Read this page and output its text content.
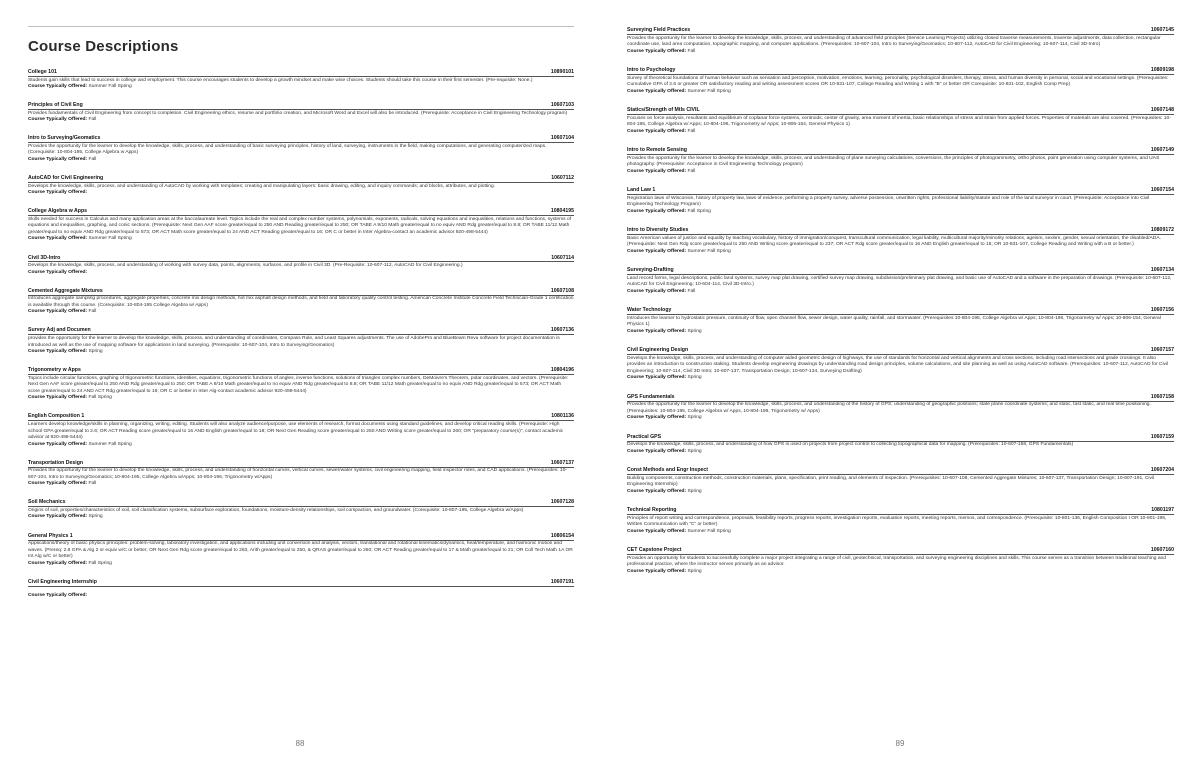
Course Descriptions
College 101	10890101
Students gain skills that lead to success in college and employment. This course encourages students to develop a growth mindset and make wise choices. Students should take this course in their first semester. (Pre-requisite: None.)
Course Typically Offered: Summer Fall Spring
Principles of Civil Eng	10607103
Provides fundamentals of Civil Engineering from concept to completion. Civil Engineering ethics, resume and portfolio creation, and Microsoft Word and Excel will also be introduced. (Prerequisite: Acceptance in Civil Engineering Technology program)
Course Typically Offered: Fall
Intro to Surveying/Geomatics	10607104
Provides the opportunity for the learner to develop the knowledge, skills, process, and understanding of basic surveying principles, history of land, surveying, instruments in the field, making computations, and generating computerized maps. (Corequisite: 10-804-195, College Algebra w Apps)
Course Typically Offered: Fall
AutoCAD for Civil Engineering	10607112
Develops the knowledge, skills, process, and understanding of AutoCAD by working with templates; creating and manipulating layers; basic drawing, editing, and inquiry commands; and blocks, attributes, and plotting.
Course Typically Offered:
College Algebra w Apps	10804195
Skills needed for success in Calculus and many application areas at the baccalaureate level. Topics include the real and complex number systems, polynomials, exponents, radicals, solving equations and inequalities, relations and functions, systems of equations and inequalities, graphing, and conic sections. (Prerequisite: Next Gen AAF score greater/equal to 250 AND Reading greater/equal to 250; OR TABE A 9/10 Math greater/equal to no equiv AND Rdg greater/equal to 8.8; OR TABE 11/12 Math greater/equal to no equiv AND Rdg greater/equal to 573; OR ACT Math score greater/equal to 24 AND ACT Reading greater/equal to 16; OR C or better in Inter Algebra-contact an academic advisor 920-498-5444)
Course Typically Offered: Summer Fall Spring
Civil 3D-Intro	10607114
Develops the knowledge, skills, process, and understanding of working with survey data, points, alignments, surfaces, and profile in Civil 3D. (Pre-Requisite: 10-607-112, AutoCAD for Civil Engineering.)
Course Typically Offered:
Cemented Aggregate Mixtures	10607108
Introduces aggregate sampling procedures, aggregate properties, concrete mix design methods, hot mix asphalt design methods, and field and laboratory quality control testing. American Concrete Institute Concrete Field Technician-Grade 1 certification is available through this course. (Corequisite: 10-804-195 College Algebra w/ Apps)
Course Typically Offered: Fall
Survey Adj and Documen	10607136
provides the opportunity for the learner to develop the knowledge, skills, process, and understanding of coordinates, Compass Rule, and Least Squares adjustments. The use of AdobePro and BlueBeam Revu software for project documentation is introduced as well as the use of mapping software for applications in land surveying. (Prerequisite: 10-607-104, Intro to Surveying/Geomatics)
Course Typically Offered: Spring
Trigonometry w Apps	10804196
Topics include circular functions, graphing of trigonometric functions, identities, equations, trigonometric functions of angles, inverse functions, solutions of triangles complex numbers, DeMoivre's Theorem, polar coordinates, and vectors. (Prerequisite: Next Gen AAF score greater/equal to 250 AND Rdg greater/equal to 250; OR TABE A 9/10 Math greater/equal to no equiv AND Rdg greater/equal to 8.8; OR TABE 11/12 Math greater/equal to no equiv AND Rdg greater/equal to 573; OR ACT Math score greater/equal to 24 AND ACT Rdg greater/equal to 16; OR C or better in Inter Alg-contact academic advisor 920-498-5444)
Course Typically Offered: Fall Spring
English Composition 1	10801136
Learners develop knowledge/skills in planning, organizing, writing, editing. Students will also analyze audience/purpose, use elements of research, format documents using standard guidelines, and develop critical reading skills. (Prerequisite: High school GPA greater/equal to 2.6; OR ACT Reading score greater/equal to 16 AND English greater/equal to 18; OR Next Gen Reading score greater/equal to 250 AND Writing score greater/equal to 260; OR "preparatory course(s)", contact academic advisor at 920-498-5444)
Course Typically Offered: Summer Fall Spring
Transportation Design	10607137
Provides the opportunity for the learner to develop the knowledge, skills, process, and understanding of horizontal curves, vertical curves, sewer/water systems, civil engineering mapping, field inspector roles, and CAD applications. (Prerequisites: 10-607-104, Intro to Surveying/Geomatics; 10-804-195, College Algebra w/Apps; 10-804-196, Trigonometry w/Apps)
Course Typically Offered: Fall
Soil Mechanics	10607128
Origins of soil, properties/characteristics of soil, soil classification systems, subsurface exploration, foundations, moisture-density relationships, soil compaction, and groundwater. (Corequisite: 10-807-195, College Algebra w/Apps)
Course Typically Offered: Spring
General Physics 1	10806154
Applications/theory of basic physics principles: problem-solving, laboratory investigation, and applications including unit conversion and analysis, vectors, translational and rotational kinematics/dynamics, heat/temperature, and harmonic motion and waves. (Prereq: 2.6 GPA & Alg 2 or equiv w/C or better; OR Next Gen Rdg score greater/equal to 263, Arith greater/equal to 250, & QRAS greater/equal to 250; OR ACT Reading greater/equal to 17 & Math greater/equal to 21; OR Coll Tech Math 1A OR Int Alg w/C or better)
Course Typically Offered: Fall Spring
Civil Engineering Internship	10607191
Course Typically Offered:
88
Surveying Field Practices	10607145
Provides the opportunity for the learner to develop the knowledge, skills, process, and understanding of advanced field principles (Service Learning Projects) utilizing closed traverse measurements, traverse adjustments, data collection, rectangular coordinate use, land area computation, topographic mapping, and computer applications. (Prerequisites: 10-607-104, Intro to Surveying/Geomatics; 10-607-112, AutoCAD for Civil Engineering; 10-607-114, Civil 3D-Intro)
Course Typically Offered: Fall
Intro to Psychology	10809198
Survey of theoretical foundations of human behavior such as sensation and perception, motivation, emotions, learning, personality, psychological disorders, therapy, stress, and human diversity in personal, social and vocational settings. (Prerequisites: Cumulative GPA of 2.6 or greater OR satisfactory reading and writing assessment scores OR 10-831-107, College Reading and Writing 1 with "B" or better OR Corequisite: 10-831-102, English Comp Prep)
Course Typically Offered: Summer Fall Spring
Statics/Strength of Mtls CIVIL	10607148
Focuses on force analysis, resultants and equilibrium of coplanar force systems, centroids, center of gravity, area moment of inertia, basic relationships of stress and strain from applied forces. Properties of materials are also covered. (Prerequisites: 10-804-195, College Algebra w/ Apps; 10-804-196, Trigonometry w/ Apps; 10-806-154, General Physics 1)
Course Typically Offered: Fall
Intro to Remote Sensing	10607149
Provides the opportunity for the learner to develop the knowledge, skills, process, and understanding of plane surveying calculations, conversions, the principles of photogrammetry, ortho photos, point generation using computer systems, and UAS photography. (Prerequisite: Acceptance in Civil Engineering Technology program)
Course Typically Offered: Fall
Land Law 1	10607154
Registration laws of Wisconsin, history of property law, laws of evidence, performing a property survey, adverse possession, unwritten rights, professional liability/statute and role of the land surveyor in court. (Prerequisite: Acceptance into Civil Engineering Technology Program)
Course Typically Offered: Fall Spring
Intro to Diversity Studies	10809172
Basic American values of justice and equality by teaching vocabulary, history of immigration/conquest, transcultural communication, legal liability, multicultural majority/minority relations, ageism, sexism, gender, sexual orientation, the disabled/ADA. (Prerequisite: Next Gen Rdg score greater/equal to 250 AND Writing score greater/equal to 237; OR ACT Rdg score greater/equal to 16 AND English greater/equal to 15; OR 10-831-107, College Reading and Writing with a B or better.)
Course Typically Offered: Summer Fall Spring
Surveying-Drafting	10607134
Land record forms, legal descriptions, public land systems, survey map plat drawing, certified survey map drawing, subdivision/preliminary plat drawing, and basic use of AutoCAD and a software in the preparation of drawings. (Prerequisite: 10-607-112, AutoCAD for Civil Engineering; 10-604-114, Civil 3D-Intro.)
Course Typically Offered: Fall
Water Technology	10607156
Introduces the learner to hydrostatic pressure, continuity of flow, open channel flow, sewer design, water quality, rainfall, and stormwater. (Prerequisites 10-804-195, College Algebra w/ Apps; 10-804-196, Trigonometry w/ Apps; 10-806-154, General Physics 1)
Course Typically Offered: Spring
Civil Engineering Design	10607157
Develops the knowledge, skills, process, and understanding of computer aided geometric design of highways, the use of standards for horizontal and vertical alignments and cross sections, including road intersections and grade crossings. It also provides an introduction to construction staking. Students develop engineering drawings by understanding road design principles, volume calculations, and site planning as well as using AutoCAD software. (Prerequisites: 10-607-112, AutoCAD for Civil Engineering; 10-607-114, Civil 3D Intro; 10-607-137, Transportation Design; 10-607-134, Surveying Drafting)
Course Typically Offered: Spring
GPS Fundamentals	10607158
Provides the opportunity for the learner to develop the knowledge, skills, process, and understanding of the history of GPS; understanding of geographic positions; state plane coordinate systems; and static, fast static, and real time positioning. (Prerequisites: 10-804-195, College Algebra w/ Apps, 10-804-196, Trigonometry w/ Apps)
Course Typically Offered: Spring
Practical GPS	10607159
Develops the knowledge, skills, process, and understanding of how GPS is used on projects from project control to collecting topographical data for mapping. (Prerequisites: 10-607-158, GPS Fundamentals)
Course Typically Offered: Spring
Const Methods and Engr Inspect	10607204
Building components, construction methods, construction materials, plans, specification, print reading, and elements of inspection. (Prerequisites: 10-607-108, Cemented Aggregate Mixtures; 10-607-137, Transportation Design; 10-607-191, Civil Engineering Internship)
Course Typically Offered: Spring
Technical Reporting	10801197
Principles of report writing and correspondence, proposals, feasibility reports, progress reports, investigation reports, evaluation reports, meeting reports, memos, and correspondence. (Prerequisite: 10-801-136, English Composition I OR 10-801-195, Written Communication with "C" or better)
Course Typically Offered: Summer Fall Spring
CET Capstone Project	10607160
Provides an opportunity for students to successfully complete a major project integrating a range of civil, geotechnical, transportation, and surveying engineering disciplines and skills. This course serves as a transition between traditional teaching and professional practice, where the instructor serves primarily as an advisor.
Course Typically Offered: Spring
89
